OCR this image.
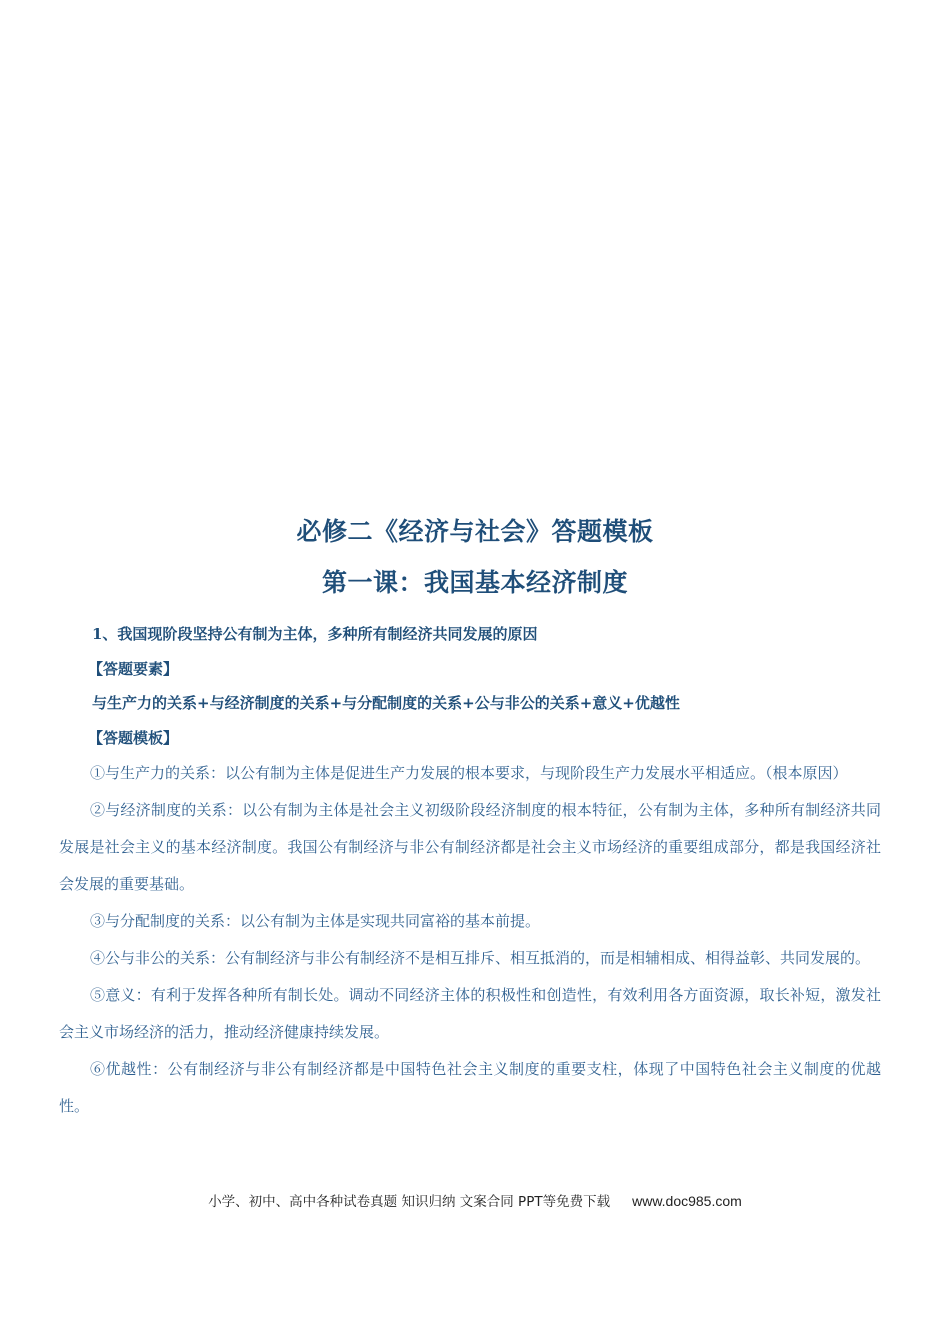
必修二《经济与社会》答题模板
第一课：我国基本经济制度
1、我国现阶段坚持公有制为主体，多种所有制经济共同发展的原因
【答题要素】
与生产力的关系+与经济制度的关系+与分配制度的关系+公与非公的关系+意义+优越性
【答题模板】

①与生产力的关系：以公有制为主体是促进生产力发展的根本要求，与现阶段生产力发展水平相适应。（根本原因）

②与经济制度的关系：以公有制为主体是社会主义初级阶段经济制度的根本特征，公有制为主体，多种所有制经济共同发展是社会主义的基本经济制度。我国公有制经济与非公有制经济都是社会主义市场经济的重要组成部分，都是我国经济社会发展的重要基础。

③与分配制度的关系：以公有制为主体是实现共同富裕的基本前提。

④公与非公的关系：公有制经济与非公有制经济不是相互排斥、相互抵消的，而是相辅相成、相得益彰、共同发展的。

⑤意义：有利于发挥各种所有制长处。调动不同经济主体的积极性和创造性，有效利用各方面资源，取长补短，激发社会主义市场经济的活力，推动经济健康持续发展。

⑥优越性：公有制经济与非公有制经济都是中国特色社会主义制度的重要支柱，体现了中国特色社会主义制度的优越性。

小学、初中、高中各种试卷真题 知识归纳 文案合同 PPT等免费下载 www.doc985.com
